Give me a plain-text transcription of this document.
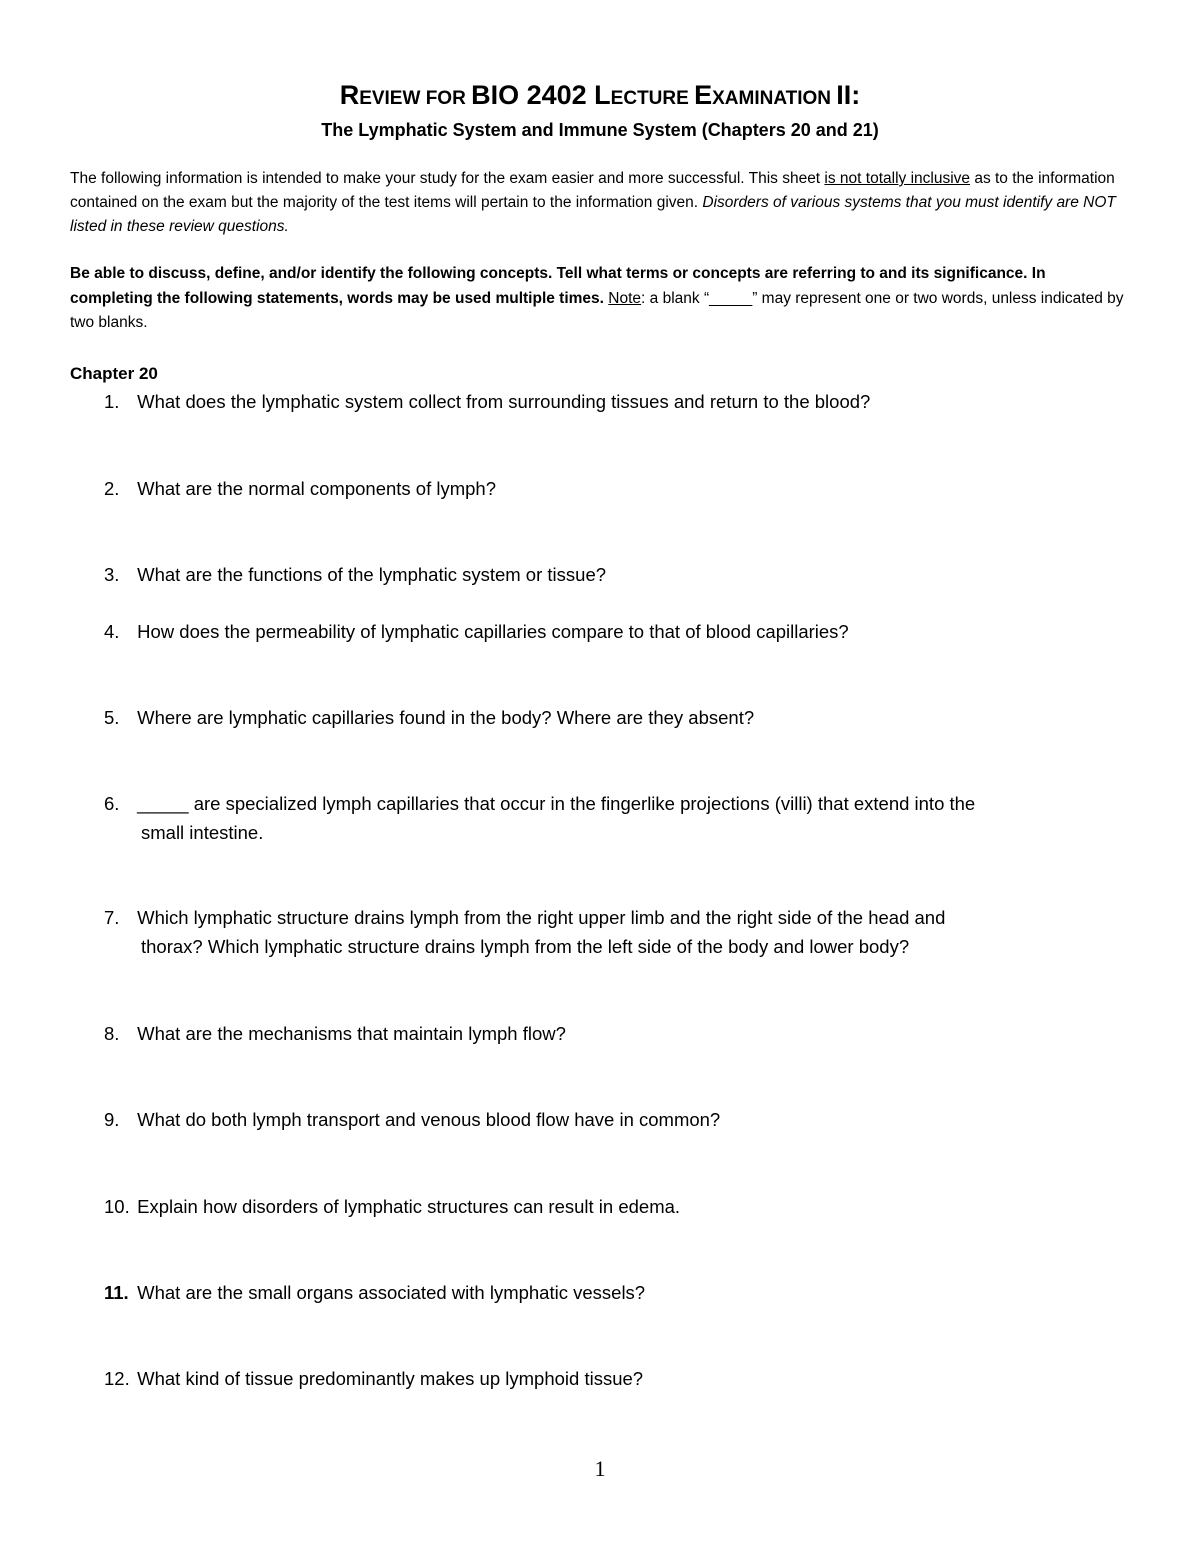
REVIEW FOR BIO 2402 LECTURE EXAMINATION II:
The Lymphatic System and Immune System (Chapters 20 and 21)
The following information is intended to make your study for the exam easier and more successful. This sheet is not totally inclusive as to the information contained on the exam but the majority of the test items will pertain to the information given. Disorders of various systems that you must identify are NOT listed in these review questions.
Be able to discuss, define, and/or identify the following concepts. Tell what terms or concepts are referring to and its significance. In completing the following statements, words may be used multiple times. Note: a blank “_____” may represent one or two words, unless indicated by two blanks.
Chapter 20
1. What does the lymphatic system collect from surrounding tissues and return to the blood?
2. What are the normal components of lymph?
3. What are the functions of the lymphatic system or tissue?
4. How does the permeability of lymphatic capillaries compare to that of blood capillaries?
5. Where are lymphatic capillaries found in the body? Where are they absent?
6. _____ are specialized lymph capillaries that occur in the fingerlike projections (villi) that extend into the
small intestine.
7. Which lymphatic structure drains lymph from the right upper limb and the right side of the head and
thorax? Which lymphatic structure drains lymph from the left side of the body and lower body?
8. What are the mechanisms that maintain lymph flow?
9. What do both lymph transport and venous blood flow have in common?
10. Explain how disorders of lymphatic structures can result in edema.
11. What are the small organs associated with lymphatic vessels?
12. What kind of tissue predominantly makes up lymphoid tissue?
1
